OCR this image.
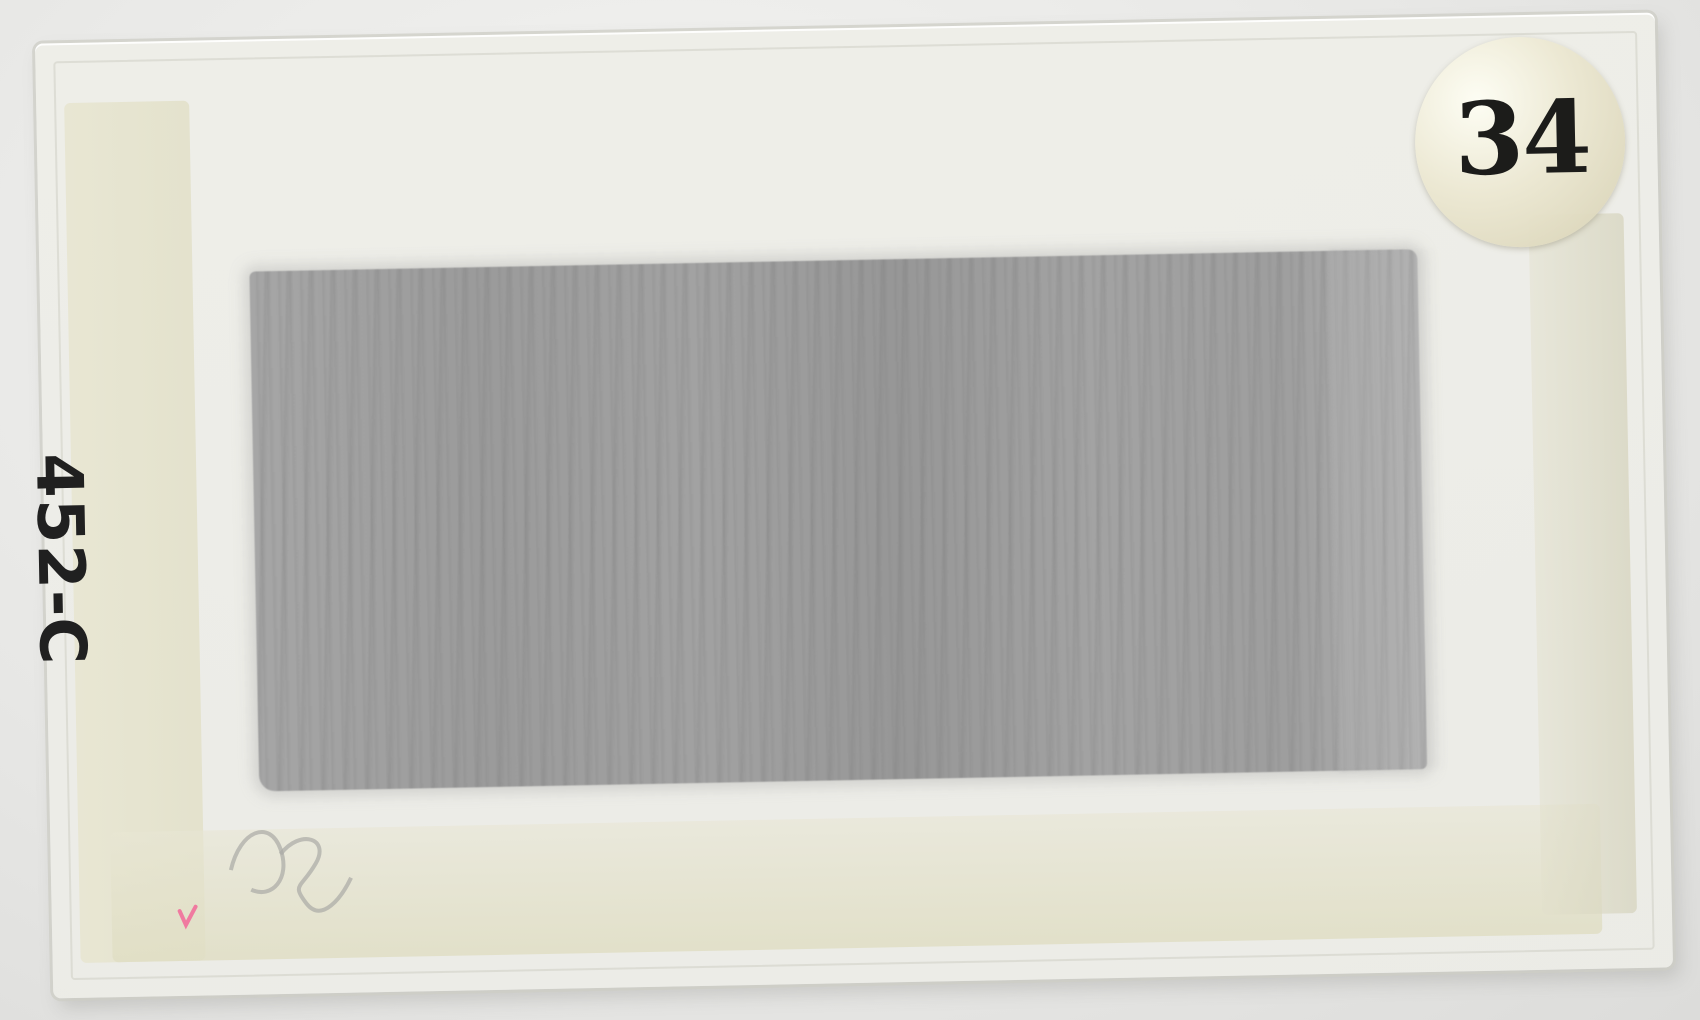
34
452-C
